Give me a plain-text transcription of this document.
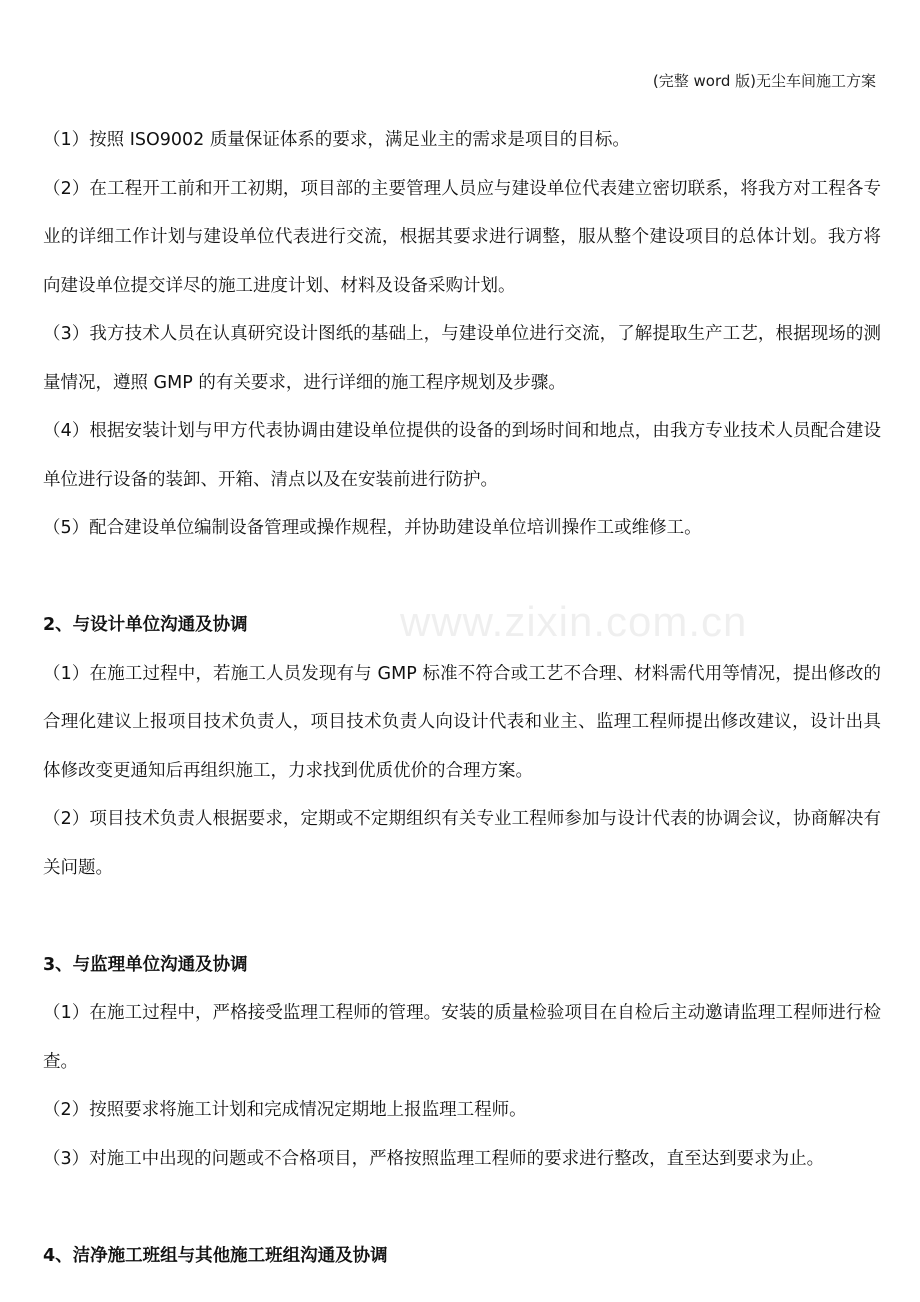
(完整 word 版)无尘车间施工方案
www.zixin.com.cn

（1）按照 ISO9002 质量保证体系的要求，满足业主的需求是项目的目标。

（2）在工程开工前和开工初期，项目部的主要管理人员应与建设单位代表建立密切联系，将我方对工程各专业的详细工作计划与建设单位代表进行交流，根据其要求进行调整，服从整个建设项目的总体计划。我方将向建设单位提交详尽的施工进度计划、材料及设备采购计划。

（3）我方技术人员在认真研究设计图纸的基础上，与建设单位进行交流，了解提取生产工艺，根据现场的测量情况，遵照 GMP 的有关要求，进行详细的施工程序规划及步骤。

（4）根据安装计划与甲方代表协调由建设单位提供的设备的到场时间和地点，由我方专业技术人员配合建设单位进行设备的装卸、开箱、清点以及在安装前进行防护。

（5）配合建设单位编制设备管理或操作规程，并协助建设单位培训操作工或维修工。

2、与设计单位沟通及协调

（1）在施工过程中，若施工人员发现有与 GMP 标准不符合或工艺不合理、材料需代用等情况，提出修改的合理化建议上报项目技术负责人，项目技术负责人向设计代表和业主、监理工程师提出修改建议，设计出具体修改变更通知后再组织施工，力求找到优质优价的合理方案。

（2）项目技术负责人根据要求，定期或不定期组织有关专业工程师参加与设计代表的协调会议，协商解决有关问题。

3、与监理单位沟通及协调

（1）在施工过程中，严格接受监理工程师的管理。安装的质量检验项目在自检后主动邀请监理工程师进行检查。

（2）按照要求将施工计划和完成情况定期地上报监理工程师。

（3）对施工中出现的问题或不合格项目，严格按照监理工程师的要求进行整改，直至达到要求为止。

4、洁净施工班组与其他施工班组沟通及协调
